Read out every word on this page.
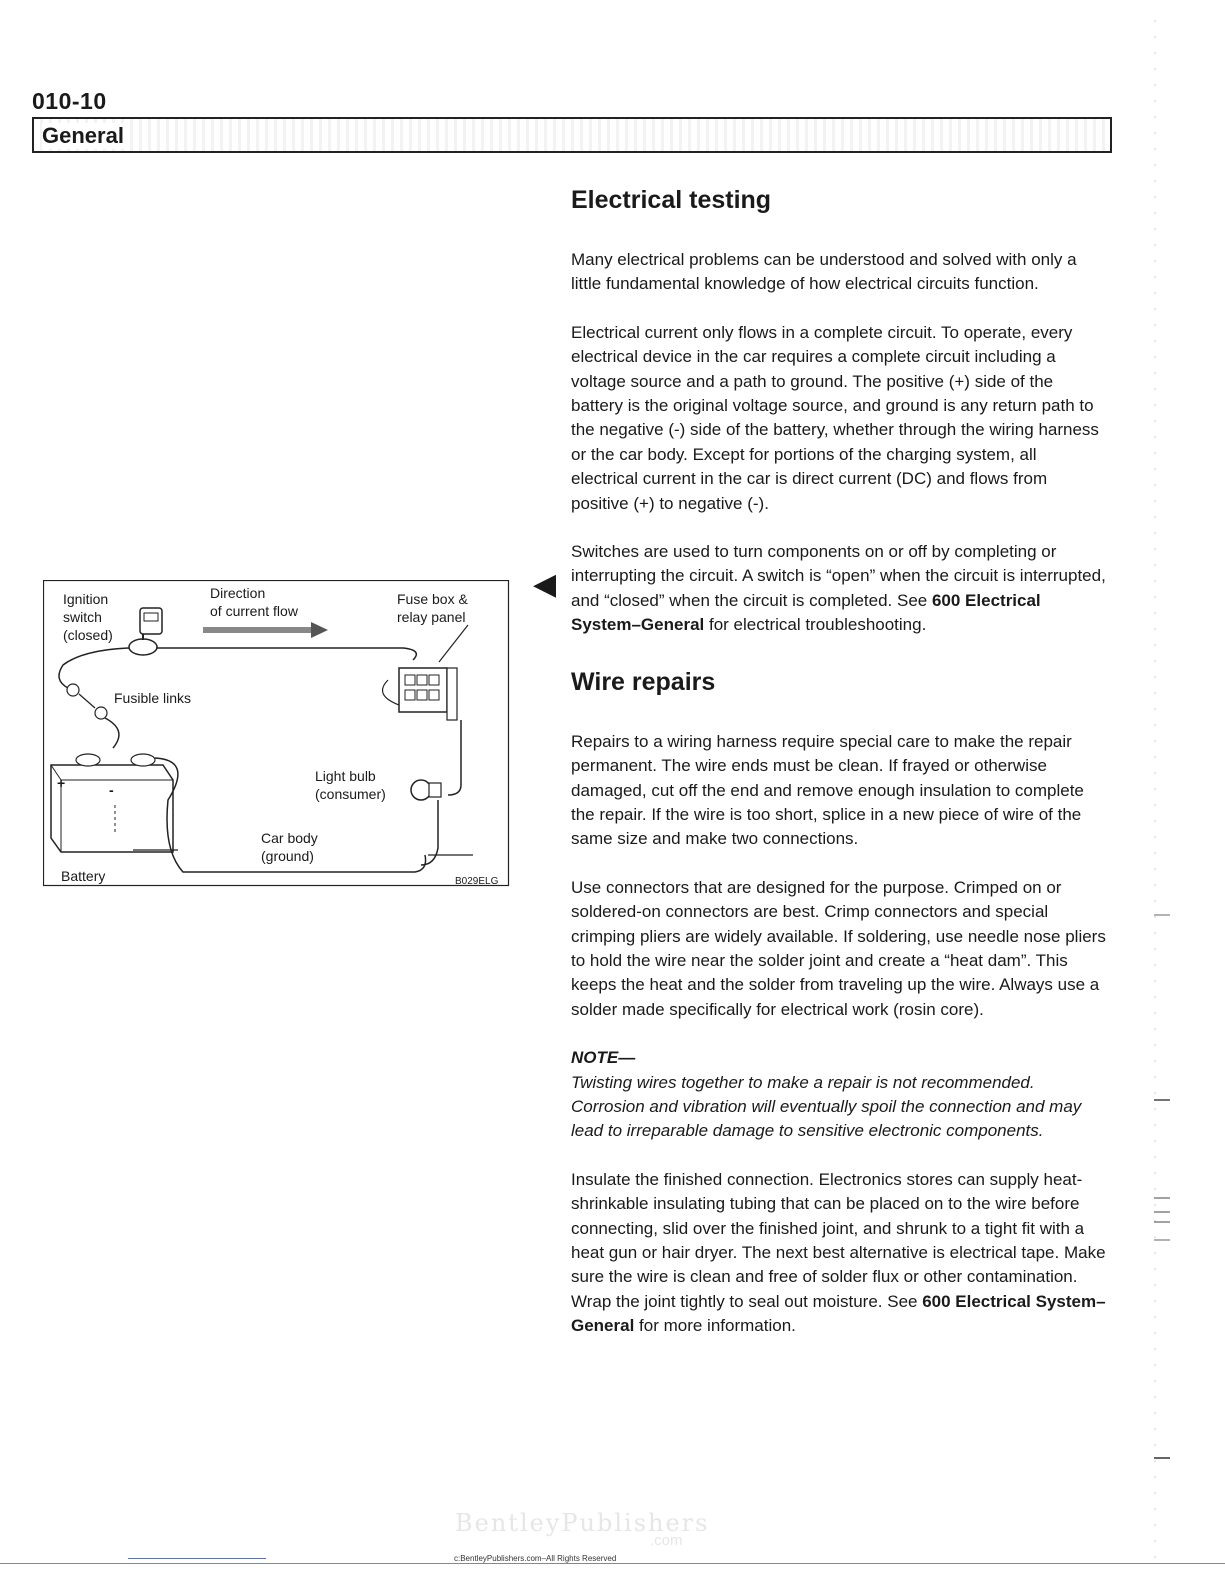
010-10
General
Ignition
switch
(closed)
Direction
of current flow
Fuse box &
relay panel
Fusible links
Light bulb
(consumer)
Car body
(ground)
Battery
+	-
B029ELG
◀
Electrical testing

Many electrical problems can be understood and solved with only a little fundamental knowledge of how electrical circuits function.

Electrical current only flows in a complete circuit. To operate, every electrical device in the car requires a complete circuit including a voltage source and a path to ground. The positive (+) side of the battery is the original voltage source, and ground is any return path to the negative (-) side of the battery, whether through the wiring harness or the car body. Except for portions of the charging system, all electrical current in the car is direct current (DC) and flows from positive (+) to negative (-).

Switches are used to turn components on or off by completing or interrupting the circuit. A switch is “open” when the circuit is interrupted, and “closed” when the circuit is completed. See 600 Electrical System–General for electrical troubleshooting.

Wire repairs

Repairs to a wiring harness require special care to make the repair permanent. The wire ends must be clean. If frayed or otherwise damaged, cut off the end and remove enough insulation to complete the repair. If the wire is too short, splice in a new piece of wire of the same size and make two connections.

Use connectors that are designed for the purpose. Crimped on or soldered-on connectors are best. Crimp connectors and special crimping pliers are widely available. If soldering, use needle nose pliers to hold the wire near the solder joint and create a “heat dam”. This keeps the heat and the solder from traveling up the wire. Always use a solder made specifically for electrical work (rosin core).

NOTE—

Twisting wires together to make a repair is not recommended. Corrosion and vibration will eventually spoil the connection and may lead to irreparable damage to sensitive electronic components.

Insulate the finished connection. Electronics stores can supply heat-shrinkable insulating tubing that can be placed on to the wire before connecting, slid over the finished joint, and shrunk to a tight fit with a heat gun or hair dryer. The next best alternative is electrical tape. Make sure the wire is clean and free of solder flux or other contamination. Wrap the joint tightly to seal out moisture. See 600 Electrical System–General for more information.

BentleyPublishers
.com
c:BentleyPublishers.com–All Rights Reserved
